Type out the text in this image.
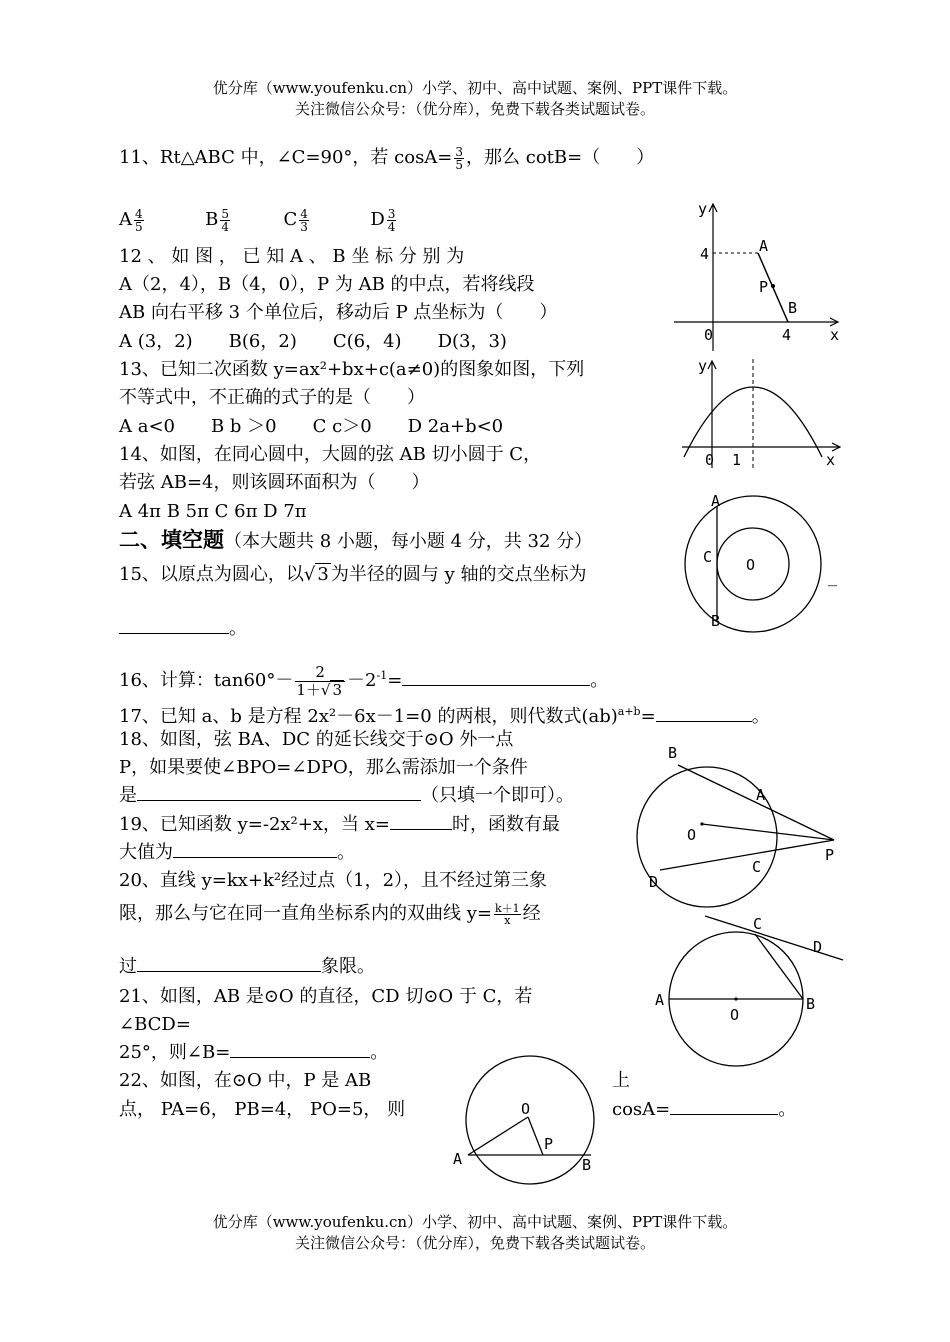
优分库（www.youfenku.cn）小学、初中、高中试题、案例、PPT课件下载。
关注微信公众号：（优分库），免费下载各类试题试卷。
11、Rt△ABC 中，∠C=90°，若 $\cos A= \frac{3}{5}$ ，那么 cotB=（　　）
A $\frac{4}{5}$	B $\frac{5}{4}$	C $\frac{4}{3}$	D $\frac{3}{4}$
12 、 如 图 ， 已 知 A 、 B 坐 标 分 别 为
A（2，4），B（4，0），P 为 AB 的中点，若将线段
AB 向右平移 3 个单位后，移动后 P 点坐标为（　　）
A (3，2)　　B(6，2)　　C(6，4)　　D(3，3)
13、已知二次函数 y=ax²+bx+c(a≠0)的图象如图，下列
不等式中，不正确的式子的是（　　）
A a<0　　B b ＞0　　C c＞0　　D 2a+b<0
14、如图，在同心圆中，大圆的弦 AB 切小圆于 C，
若弦 AB=4，则该圆环面积为（　　）
A 4π B 5π C 6π D 7π
二、填空题（本大题共 8 小题，每小题 4 分，共 32 分）
15、以原点为圆心，以√ 3 为半径的圆与 y 轴的交点坐标为	_
。
16、计算：$\tan 60^\circ- \frac{2}{1+√ 3} -2^{-1}=$	。
17、已知 a、b 是方程 2x²－6x－1=0 的两根，则代数式(ab)$^{a+b}$=	。
18、如图，弦 BA、DC 的延长线交于⊙O 外一点
P，如果要使∠BPO=∠DPO，那么需添加一个条件
是	（只填一个即可）。
19、已知函数 y=-2x²+x，当 x=	时，函数有最
大值为	。
20、直线 y=kx+k²经过点（1，2），且不经过第三象
限，那么与它在同一直角坐标系内的双曲线 $y= \frac{k+1}{x}$ 经
过	象限。
21、如图，AB 是⊙O 的直径，CD 切⊙O 于 C，若
∠BCD=
25°，则∠B=	。
22、如图，在⊙O 中，P 是 AB	上
点， PA=6， PB=4， PO=5， 则	cosA=	。
优分库（www.youfenku.cn）小学、初中、高中试题、案例、PPT课件下载。
关注微信公众号：（优分库），免费下载各类试题试卷。
y
x
0
4
4
A
P
B
y
x
0 1
A
B
C O
B
A
C
D
O
P
A	B
C
D
O
O
P
A	B
